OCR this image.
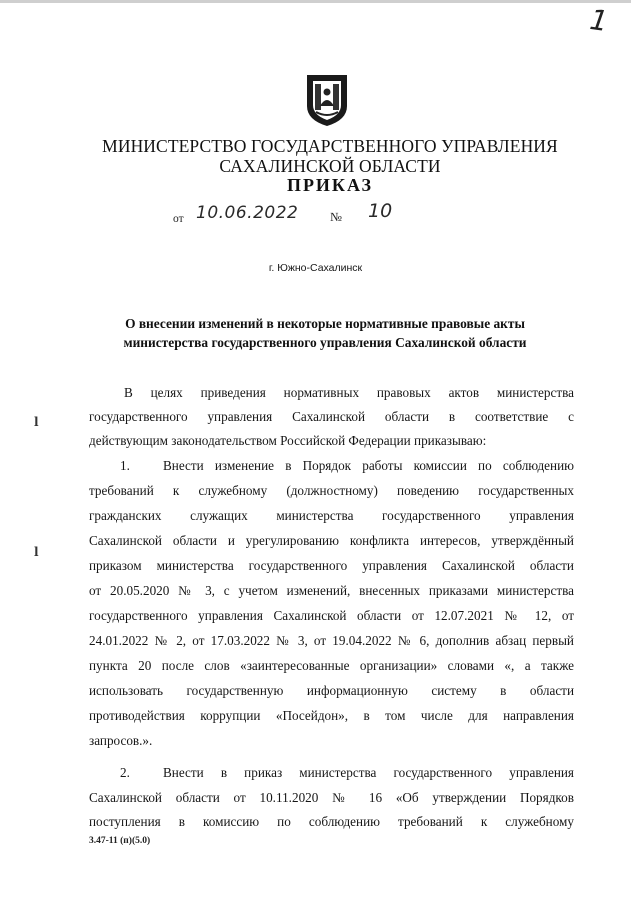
1
МИНИСТЕРСТВО ГОСУДАРСТВЕННОГО УПРАВЛЕНИЯ
САХАЛИНСКОЙ ОБЛАСТИ
ПРИКАЗ
от 10.06.2022	№ 10
г. Южно-Сахалинск
О внесении изменений в некоторые нормативные правовые акты
министерства государственного управления Сахалинской области
ⅼ
ⅼ
В целях приведения нормативных правовых актов министерства
государственного управления Сахалинской области в соответствие с
действующим законодательством Российской Федерации приказываю:
1.	Внести изменение в Порядок работы комиссии по соблюдению
требований к служебному (должностному) поведению государственных
гражданских служащих министерства государственного управления
Сахалинской области и урегулированию конфликта интересов, утверждённый
приказом министерства государственного управления Сахалинской области
от 20.05.2020 № 3, с учетом изменений, внесенных приказами министерства
государственного управления Сахалинской области от 12.07.2021 № 12, от
24.01.2022 № 2, от 17.03.2022 № 3, от 19.04.2022 № 6, дополнив абзац первый
пункта 20 после слов «заинтересованные организации» словами «, а также
использовать государственную информационную систему в области
противодействия коррупции «Посейдон», в том числе для направления
запросов.».
2.	Внести в приказ министерства государственного управления
Сахалинской области от 10.11.2020 № 16 «Об утверждении Порядков
поступления в комиссию по соблюдению требований к служебному
3.47-11 (п)(5.0)
